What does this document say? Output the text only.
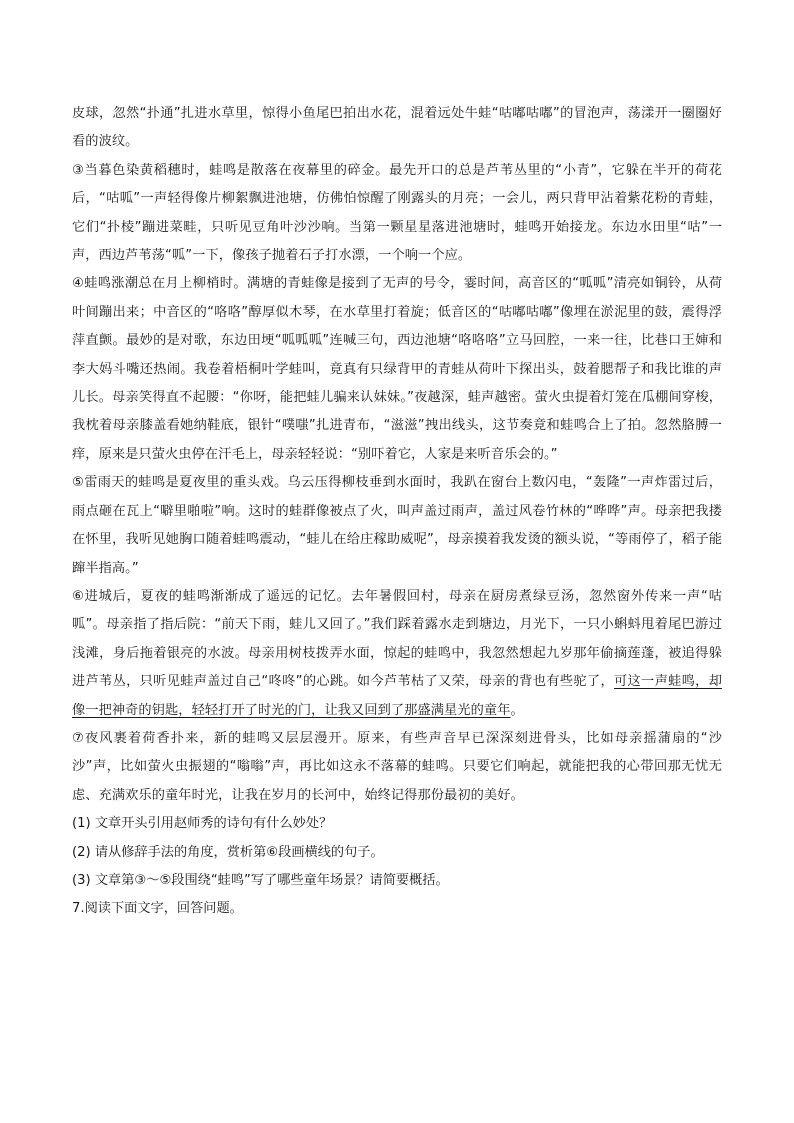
皮球，忽然“扑通”扎进水草里，惊得小鱼尾巴拍出水花，混着远处牛蛙“咕嘟咕嘟”的冒泡声，荡漾开一圈圈好看的波纹。

③当暮色染黄稻穗时，蛙鸣是散落在夜幕里的碎金。最先开口的总是芦苇丛里的“小青”，它躲在半开的荷花后，“咕呱”一声轻得像片柳絮飘进池塘，仿佛怕惊醒了刚露头的月亮；一会儿，两只背甲沾着紫花粉的青蛙，它们“扑棱”蹦进菜畦，只听见豆角叶沙沙响。当第一颗星星落进池塘时，蛙鸣开始接龙。东边水田里“咕”一声，西边芦苇荡“呱”一下，像孩子抛着石子打水漂，一个响一个应。

④蛙鸣涨潮总在月上柳梢时。满塘的青蛙像是接到了无声的号令，霎时间，高音区的“呱呱”清亮如铜铃，从荷叶间蹦出来；中音区的“咯咯”醇厚似木琴，在水草里打着旋；低音区的“咕嘟咕嘟”像埋在淤泥里的鼓，震得浮萍直颤。最妙的是对歌，东边田埂“呱呱呱”连喊三句，西边池塘“咯咯咯”立马回腔，一来一往，比巷口王婶和李大妈斗嘴还热闹。我卷着梧桐叶学蛙叫，竟真有只绿背甲的青蛙从荷叶下探出头，鼓着腮帮子和我比谁的声儿长。母亲笑得直不起腰：“你呀，能把蛙儿骗来认妹妹。”夜越深，蛙声越密。萤火虫提着灯笼在瓜棚间穿梭，我枕着母亲膝盖看她纳鞋底，银针“噗嗤”扎进青布，“滋滋”拽出线头，这节奏竟和蛙鸣合上了拍。忽然胳膊一痒，原来是只萤火虫停在汗毛上，母亲轻轻说：“别吓着它，人家是来听音乐会的。”

⑤雷雨天的蛙鸣是夏夜里的重头戏。乌云压得柳枝垂到水面时，我趴在窗台上数闪电，“轰隆”一声炸雷过后，雨点砸在瓦上“噼里啪啦”响。这时的蛙群像被点了火，叫声盖过雨声，盖过风卷竹林的“哗哗”声。母亲把我搂在怀里，我听见她胸口随着蛙鸣震动，“蛙儿在给庄稼助威呢”，母亲摸着我发烫的额头说，“等雨停了，稻子能蹿半指高。”

⑥进城后，夏夜的蛙鸣渐渐成了遥远的记忆。去年暑假回村，母亲在厨房煮绿豆汤，忽然窗外传来一声“咕呱”。母亲指了指后院：“前天下雨，蛙儿又回了。”我们踩着露水走到塘边，月光下，一只小蝌蚪甩着尾巴游过浅滩，身后拖着银亮的水波。母亲用树枝拨弄水面，惊起的蛙鸣中，我忽然想起九岁那年偷摘莲蓬，被追得躲进芦苇丛，只听见蛙声盖过自己“咚咚”的心跳。如今芦苇枯了又荣，母亲的背也有些驼了，可这一声蛙鸣，却像一把神奇的钥匙，轻轻打开了时光的门，让我又回到了那盛满星光的童年。

⑦夜风裹着荷香扑来，新的蛙鸣又层层漫开。原来，有些声音早已深深刻进骨头，比如母亲摇蒲扇的“沙沙”声，比如萤火虫振翅的“嗡嗡”声，再比如这永不落幕的蛙鸣。只要它们响起，就能把我的心带回那无忧无虑、充满欢乐的童年时光，让我在岁月的长河中，始终记得那份最初的美好。

(1) 文章开头引用赵师秀的诗句有什么妙处？

(2) 请从修辞手法的角度，赏析第⑥段画横线的句子。

(3) 文章第③～⑤段围绕“蛙鸣”写了哪些童年场景？请简要概括。

7.阅读下面文字，回答问题。
